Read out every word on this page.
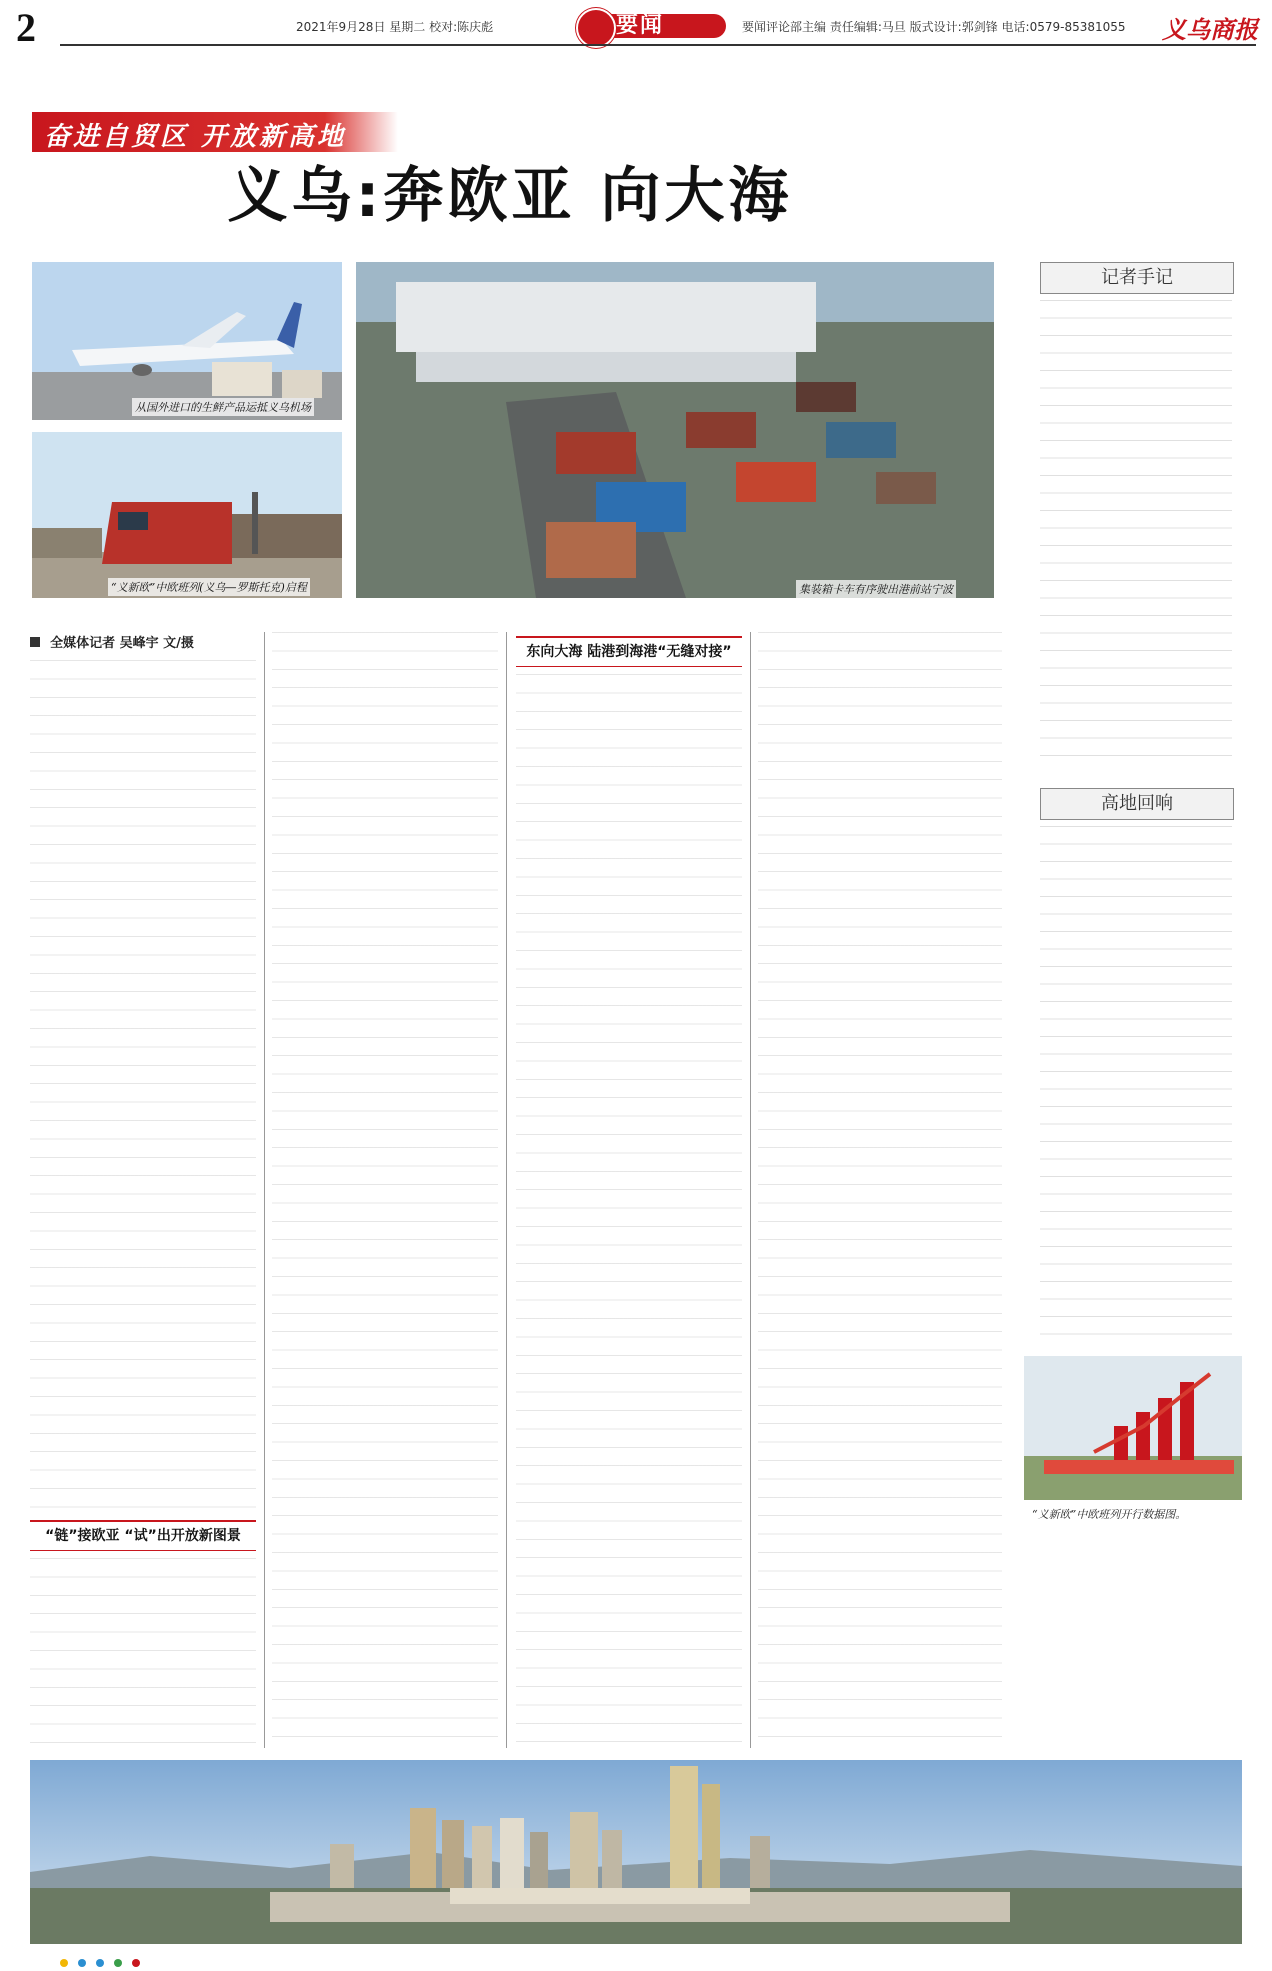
2	2021年9月28日 星期二 校对:陈庆彪	要闻	要闻评论部主编 责任编辑:马旦 版式设计:郭剑锋 电话:0579-85381055 义乌商报
奋进自贸区 开放新高地
义乌:奔欧亚 向大海
从国外进口的生鲜产品运抵义乌机场
“义新欧”中欧班列(义乌—罗斯托克)启程	集装箱卡车有序驶出港前站宁波
记者手记
高地回响
“义新欧”中欧班列开行数据图。
全媒体记者 吴峰宇 文/摄
“链”接欧亚 “试”出开放新图景
东向大海 陆港到海港“无缝对接”
